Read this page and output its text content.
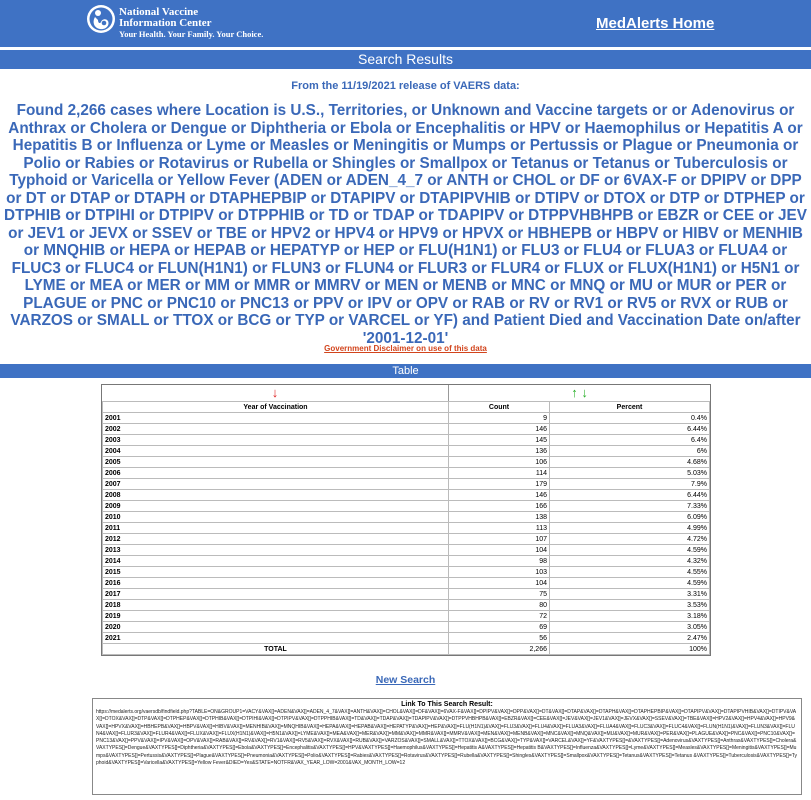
National Vaccine
Information Center
Your Health. Your Family. Your Choice.
MedAlerts Home
Search Results
From the 11/19/2021 release of VAERS data:
Found 2,266 cases where Location is U.S., Territories, or Unknown and Vaccine targets or or Adenovirus or Anthrax or Cholera or Dengue or Diphtheria or Ebola or Encephalitis or HPV or Haemophilus or Hepatitis A or Hepatitis B or Influenza or Lyme or Measles or Meningitis or Mumps or Pertussis or Plague or Pneumonia or Polio or Rabies or Rotavirus or Rubella or Shingles or Smallpox or Tetanus or Tetanus or Tuberculosis or Typhoid or Varicella or Yellow Fever (ADEN or ADEN_4_7 or ANTH or CHOL or DF or 6VAX-F or DPIPV or DPP or DT or DTAP or DTAPH or DTAPHEPBIP or DTAPIPV or DTAPIPVHIB or DTIPV or DTOX or DTP or DTPHEP or DTPHIB or DTPIHI or DTPIPV or DTPPHIB or TD or TDAP or TDAPIPV or DTPPVHBHPB or EBZR or CEE or JEV or JEV1 or JEVX or SSEV or TBE or HPV2 or HPV4 or HPV9 or HPVX or HBHEPB or HBPV or HIBV or MENHIB or MNQHIB or HEPA or HEPAB or HEPATYP or HEP or FLU(H1N1) or FLU3 or FLU4 or FLUA3 or FLUA4 or FLUC3 or FLUC4 or FLUN(H1N1) or FLUN3 or FLUN4 or FLUR3 or FLUR4 or FLUX or FLUX(H1N1) or H5N1 or LYME or MEA or MER or MM or MMR or MMRV or MEN or MENB or MNC or MNQ or MU or MUR or PER or PLAGUE or PNC or PNC10 or PNC13 or PPV or IPV or OPV or RAB or RV or RV1 or RV5 or RVX or RUB or VARZOS or SMALL or TTOX or BCG or TYP or VARCEL or YF) and Patient Died and Vaccination Date on/after '2001-12-01'
Government Disclaimer on use of this data
Table
↓	↑ ↓
Year of Vaccination	Count	Percent
2001	9	0.4%
2002	146	6.44%
2003	145	6.4%
2004	136	6%
2005	106	4.68%
2006	114	5.03%
2007	179	7.9%
2008	146	6.44%
2009	166	7.33%
2010	138	6.09%
2011	113	4.99%
2012	107	4.72%
2013	104	4.59%
2014	98	4.32%
2015	103	4.55%
2016	104	4.59%
2017	75	3.31%
2018	80	3.53%
2019	72	3.18%
2020	69	3.05%
2021	56	2.47%
TOTAL	2,266	100%
New Search
Link To This Search Result:
https://medalerts.org/vaersdb/findfield.php?TABLE=ON&GROUP1=VACY&VAX[]=ADEN&VAX[]=ADEN_4_7&VAX[]=ANTH&VAX[]=CHOL&VAX[]=DF&VAX[]=6VAX-F&VAX[]=DPIPV&VAX[]=DPP&VAX[]=DT&VAX[]=DTAP&VAX[]=DTAPH&VAX[]=DTAPHEPBIP&VAX[]=DTAPIPV&VAX[]=DTAPIPVHIB&VAX[]=DTIPV&VAX[]=DTOX&VAX[]=DTP&VAX[]=DTPHEP&VAX[]=DTPHIB&VAX[]=DTPIHI&VAX[]=DTPIPV&VAX[]=DTPPHIB&VAX[]=TD&VAX[]=TDAP&VAX[]=TDAPIPV&VAX[]=DTPPVHBHPB&VAX[]=EBZR&VAX[]=CEE&VAX[]=JEV&VAX[]=JEV1&VAX[]=JEVX&VAX[]=SSEV&VAX[]=TBE&VAX[]=HPV2&VAX[]=HPV4&VAX[]=HPV9&VAX[]=HPVX&VAX[]=HBHEPB&VAX[]=HBPV&VAX[]=HIBV&VAX[]=MENHIB&VAX[]=MNQHIB&VAX[]=HEPA&VAX[]=HEPAB&VAX[]=HEPATYP&VAX[]=HEP&VAX[]=FLU(H1N1)&VAX[]=FLU3&VAX[]=FLU4&VAX[]=FLUA3&VAX[]=FLUA4&VAX[]=FLUC3&VAX[]=FLUC4&VAX[]=FLUN(H1N1)&VAX[]=FLUN3&VAX[]=FLUN4&VAX[]=FLUR3&VAX[]=FLUR4&VAX[]=FLUX&VAX[]=FLUX(H1N1)&VAX[]=H5N1&VAX[]=LYME&VAX[]=MEA&VAX[]=MER&VAX[]=MM&VAX[]=MMR&VAX[]=MMRV&VAX[]=MEN&VAX[]=MENB&VAX[]=MNC&VAX[]=MNQ&VAX[]=MU&VAX[]=MUR&VAX[]=PER&VAX[]=PLAGUE&VAX[]=PNC&VAX[]=PNC10&VAX[]=PNC13&VAX[]=PPV&VAX[]=IPV&VAX[]=OPV&VAX[]=RAB&VAX[]=RV&VAX[]=RV1&VAX[]=RV5&VAX[]=RVX&VAX[]=RUB&VAX[]=VARZOS&VAX[]=SMALL&VAX[]=TTOX&VAX[]=BCG&VAX[]=TYP&VAX[]=VARCEL&VAX[]=YF&VAXTYPES[]=&VAXTYPES[]=Adenovirus&VAXTYPES[]=Anthrax&VAXTYPES[]=Cholera&VAXTYPES[]=Dengue&VAXTYPES[]=Diphtheria&VAXTYPES[]=Ebola&VAXTYPES[]=Encephalitis&VAXTYPES[]=HPV&VAXTYPES[]=Haemophilus&VAXTYPES[]=Hepatitis A&VAXTYPES[]=Hepatitis B&VAXTYPES[]=Influenza&VAXTYPES[]=Lyme&VAXTYPES[]=Measles&VAXTYPES[]=Meningitis&VAXTYPES[]=Mumps&VAXTYPES[]=Pertussis&VAXTYPES[]=Plague&VAXTYPES[]=Pneumonia&VAXTYPES[]=Polio&VAXTYPES[]=Rabies&VAXTYPES[]=Rotavirus&VAXTYPES[]=Rubella&VAXTYPES[]=Shingles&VAXTYPES[]=Smallpox&VAXTYPES[]=Tetanus&VAXTYPES[]=Tetanus &VAXTYPES[]=Tuberculosis&VAXTYPES[]=Typhoid&VAXTYPES[]=Varicella&VAXTYPES[]=Yellow Fever&DIED=Yes&STATE=NOTFR&VAX_YEAR_LOW=2001&VAX_MONTH_LOW=12
